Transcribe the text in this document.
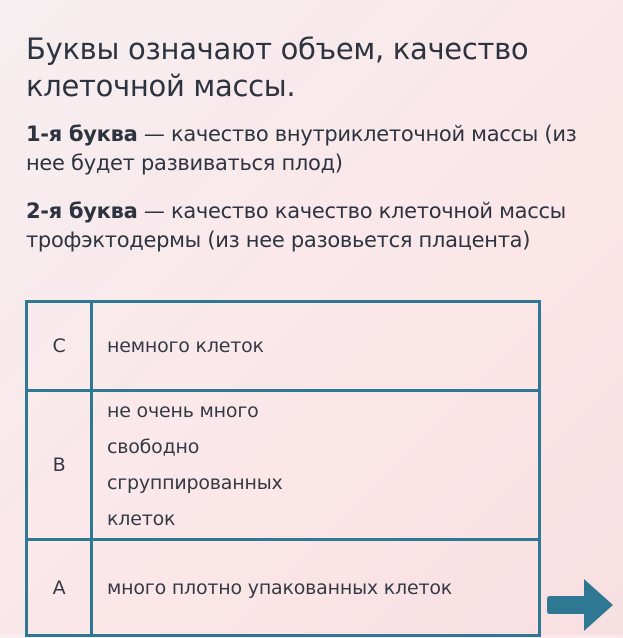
Буквы означают объем, качество клеточной массы.
1-я буква — качество внутриклеточной массы (из нее будет развиваться плод)
2-я буква — качество качество клеточной массы трофэктодермы (из нее разовьется плацента)
C	немного клеток
B	не очень много свободно сгруппированных клеток
A	много плотно упакованных клеток
